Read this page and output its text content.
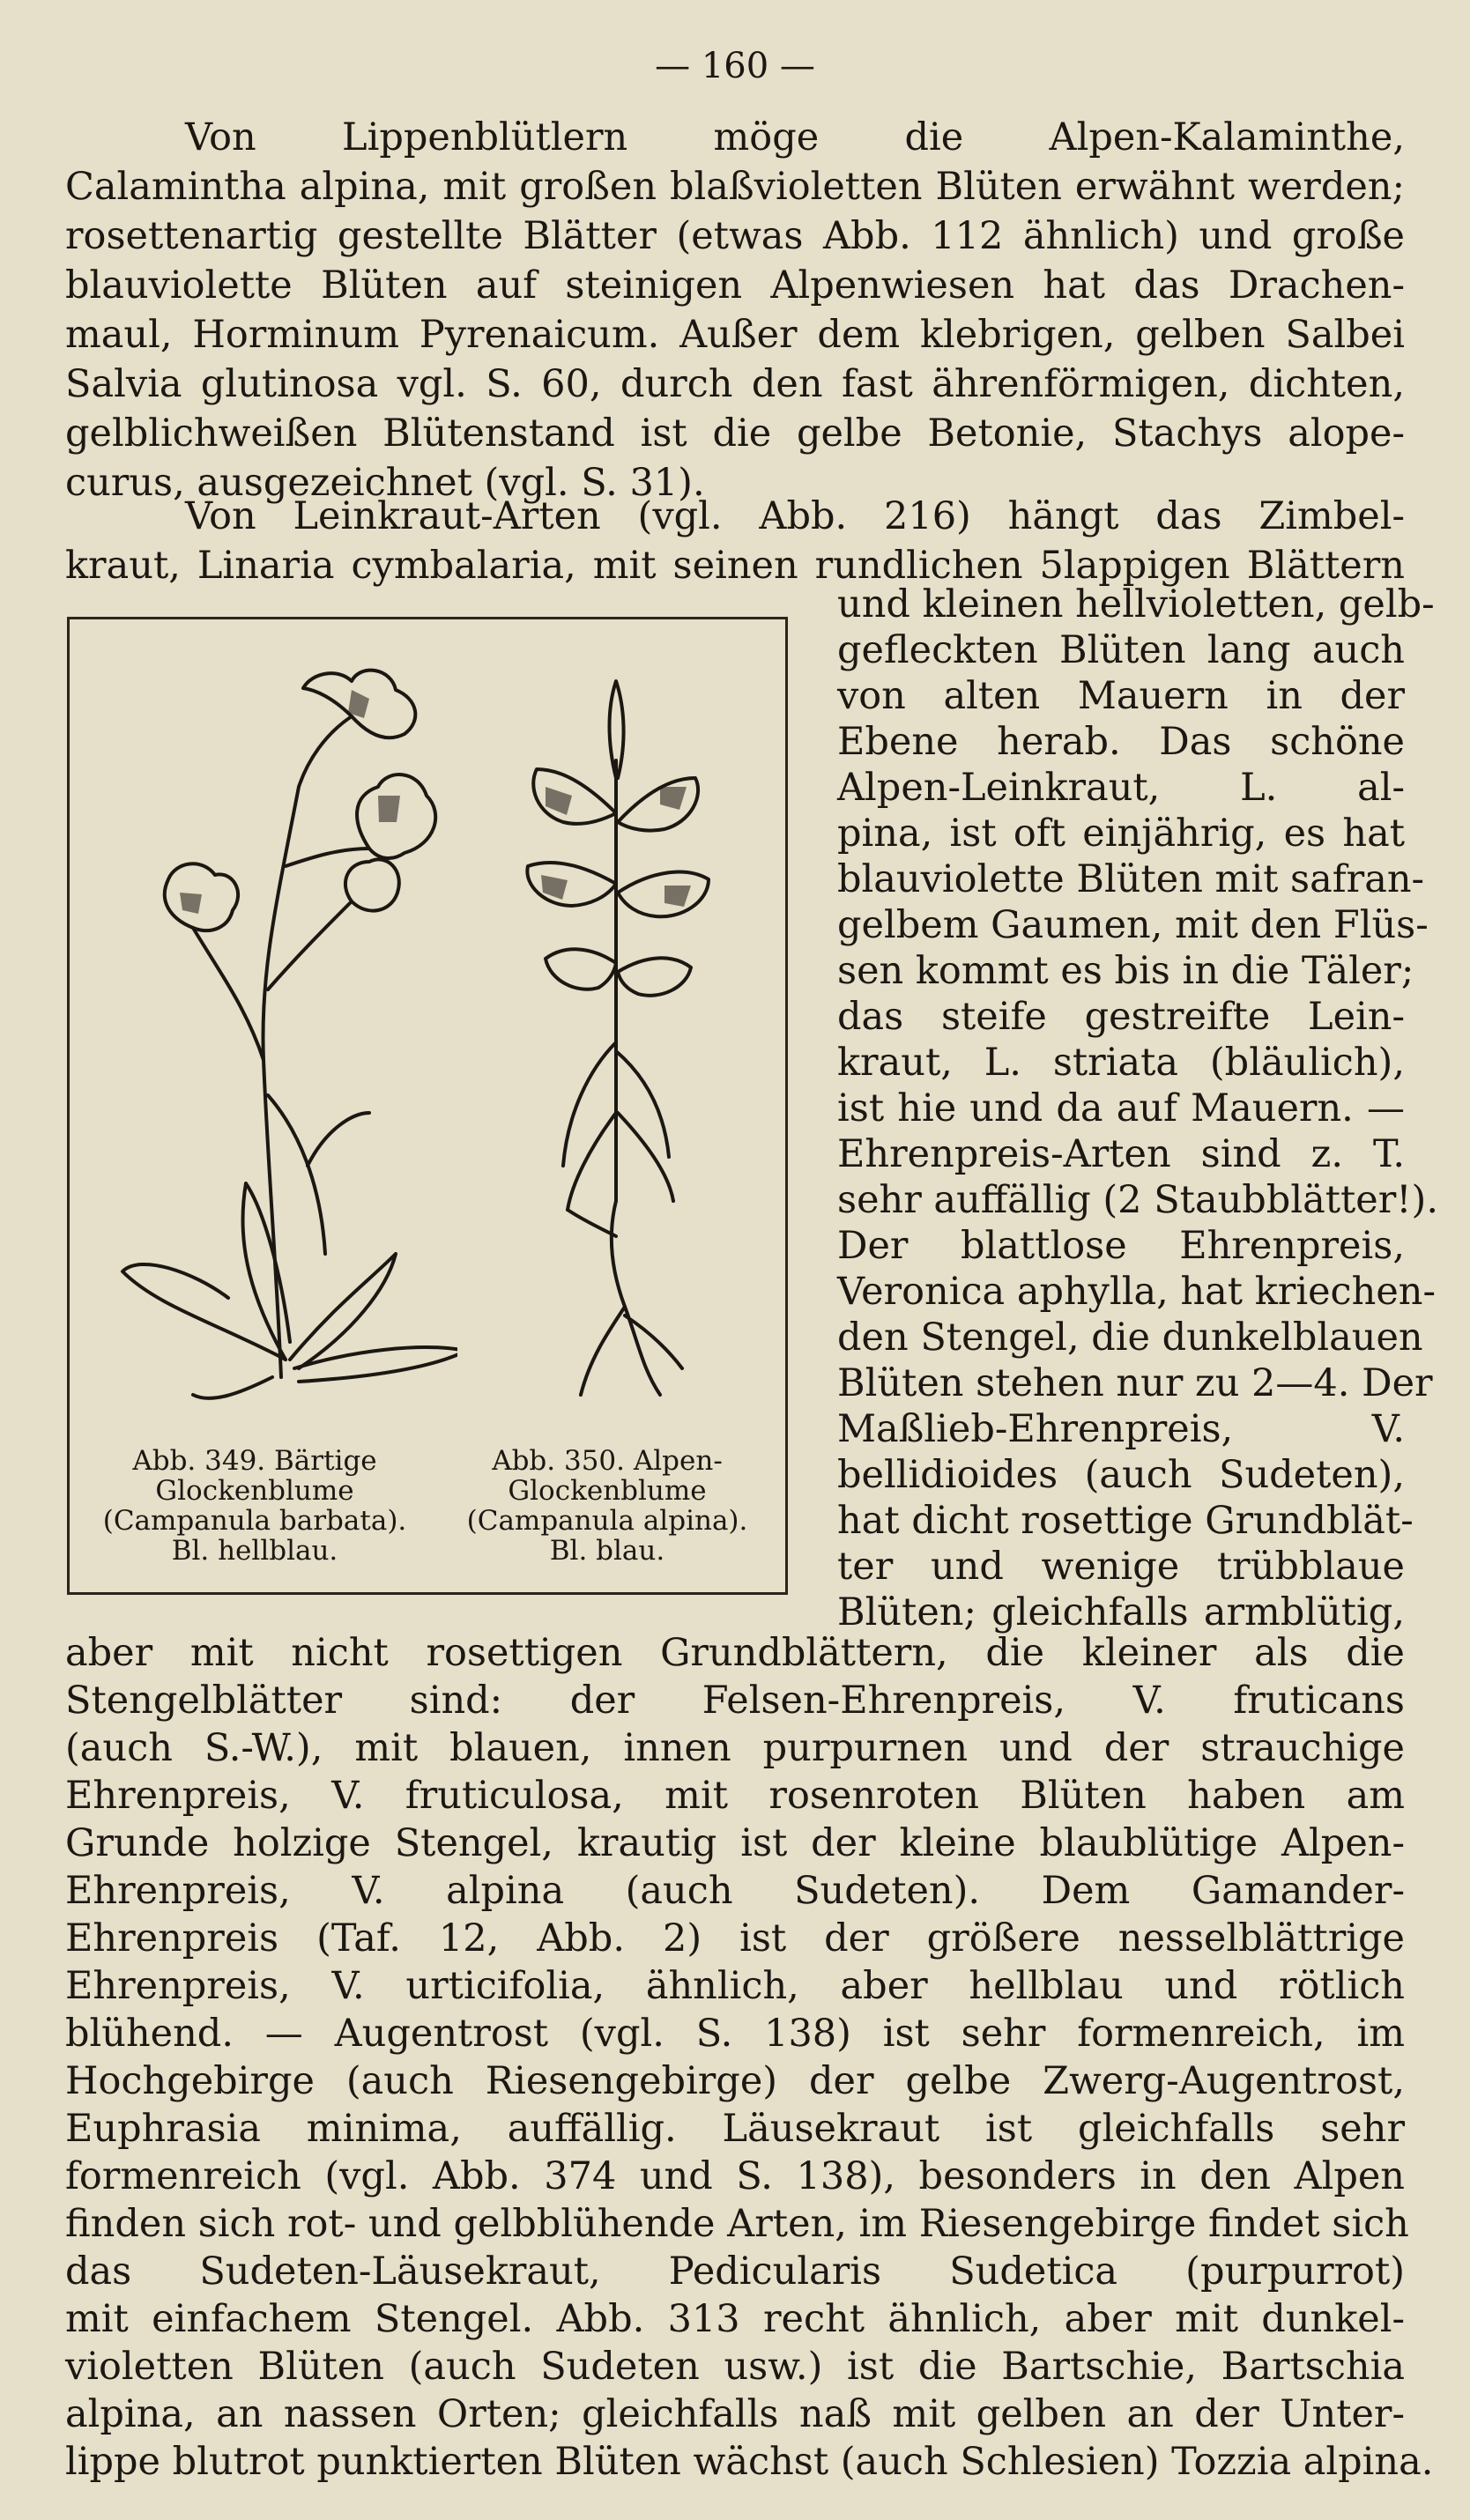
— 160 —
Von Lippenblütlern möge die Alpen-Kalaminthe,
Calamintha alpina, mit großen blaßvioletten Blüten erwähnt werden;
rosettenartig gestellte Blätter (etwas Abb. 112 ähnlich) und große
blauviolette Blüten auf steinigen Alpenwiesen hat das Drachen-
maul, Horminum Pyrenaicum. Außer dem klebrigen, gelben Salbei
Salvia glutinosa vgl. S. 60, durch den fast ährenförmigen, dichten,
gelblichweißen Blütenstand ist die gelbe Betonie, Stachys alope-
curus, ausgezeichnet (vgl. S. 31).
Von Leinkraut-Arten (vgl. Abb. 216) hängt das Zimbel-
kraut, Linaria cymbalaria, mit seinen rundlichen 5lappigen Blättern
und kleinen hellvioletten, gelb-
gefleckten Blüten lang auch
von alten Mauern in der
Ebene herab. Das schöne
Alpen-Leinkraut, L. al-
pina, ist oft einjährig, es hat
blauviolette Blüten mit safran-
gelbem Gaumen, mit den Flüs-
sen kommt es bis in die Täler;
das steife gestreifte Lein-
kraut, L. striata (bläulich),
ist hie und da auf Mauern. —
Ehrenpreis-Arten sind z. T.
sehr auffällig (2 Staubblätter!).
Der blattlose Ehrenpreis,
Veronica aphylla, hat kriechen-
den Stengel, die dunkelblauen
Blüten stehen nur zu 2—4. Der
Maßlieb-Ehrenpreis, V.
bellidioides (auch Sudeten),
hat dicht rosettige Grundblät-
ter und wenige trübblaue
Blüten; gleichfalls armblütig,
Abb. 349. Bärtige
Glockenblume
(Campanula barbata).
Bl. hellblau.
Abb. 350. Alpen-
Glockenblume
(Campanula alpina).
Bl. blau.
aber mit nicht rosettigen Grundblättern, die kleiner als die
Stengelblätter sind: der Felsen-Ehrenpreis, V. fruticans
(auch S.-W.), mit blauen, innen purpurnen und der strauchige
Ehrenpreis, V. fruticulosa, mit rosenroten Blüten haben am
Grunde holzige Stengel, krautig ist der kleine blaublütige Alpen-
Ehrenpreis, V. alpina (auch Sudeten). Dem Gamander-
Ehrenpreis (Taf. 12, Abb. 2) ist der größere nesselblättrige
Ehrenpreis, V. urticifolia, ähnlich, aber hellblau und rötlich
blühend. — Augentrost (vgl. S. 138) ist sehr formenreich, im
Hochgebirge (auch Riesengebirge) der gelbe Zwerg-Augentrost,
Euphrasia minima, auffällig. Läusekraut ist gleichfalls sehr
formenreich (vgl. Abb. 374 und S. 138), besonders in den Alpen
finden sich rot- und gelbblühende Arten, im Riesengebirge findet sich
das Sudeten-Läusekraut, Pedicularis Sudetica (purpurrot)
mit einfachem Stengel. Abb. 313 recht ähnlich, aber mit dunkel-
violetten Blüten (auch Sudeten usw.) ist die Bartschie, Bartschia
alpina, an nassen Orten; gleichfalls naß mit gelben an der Unter-
lippe blutrot punktierten Blüten wächst (auch Schlesien) Tozzia alpina.
